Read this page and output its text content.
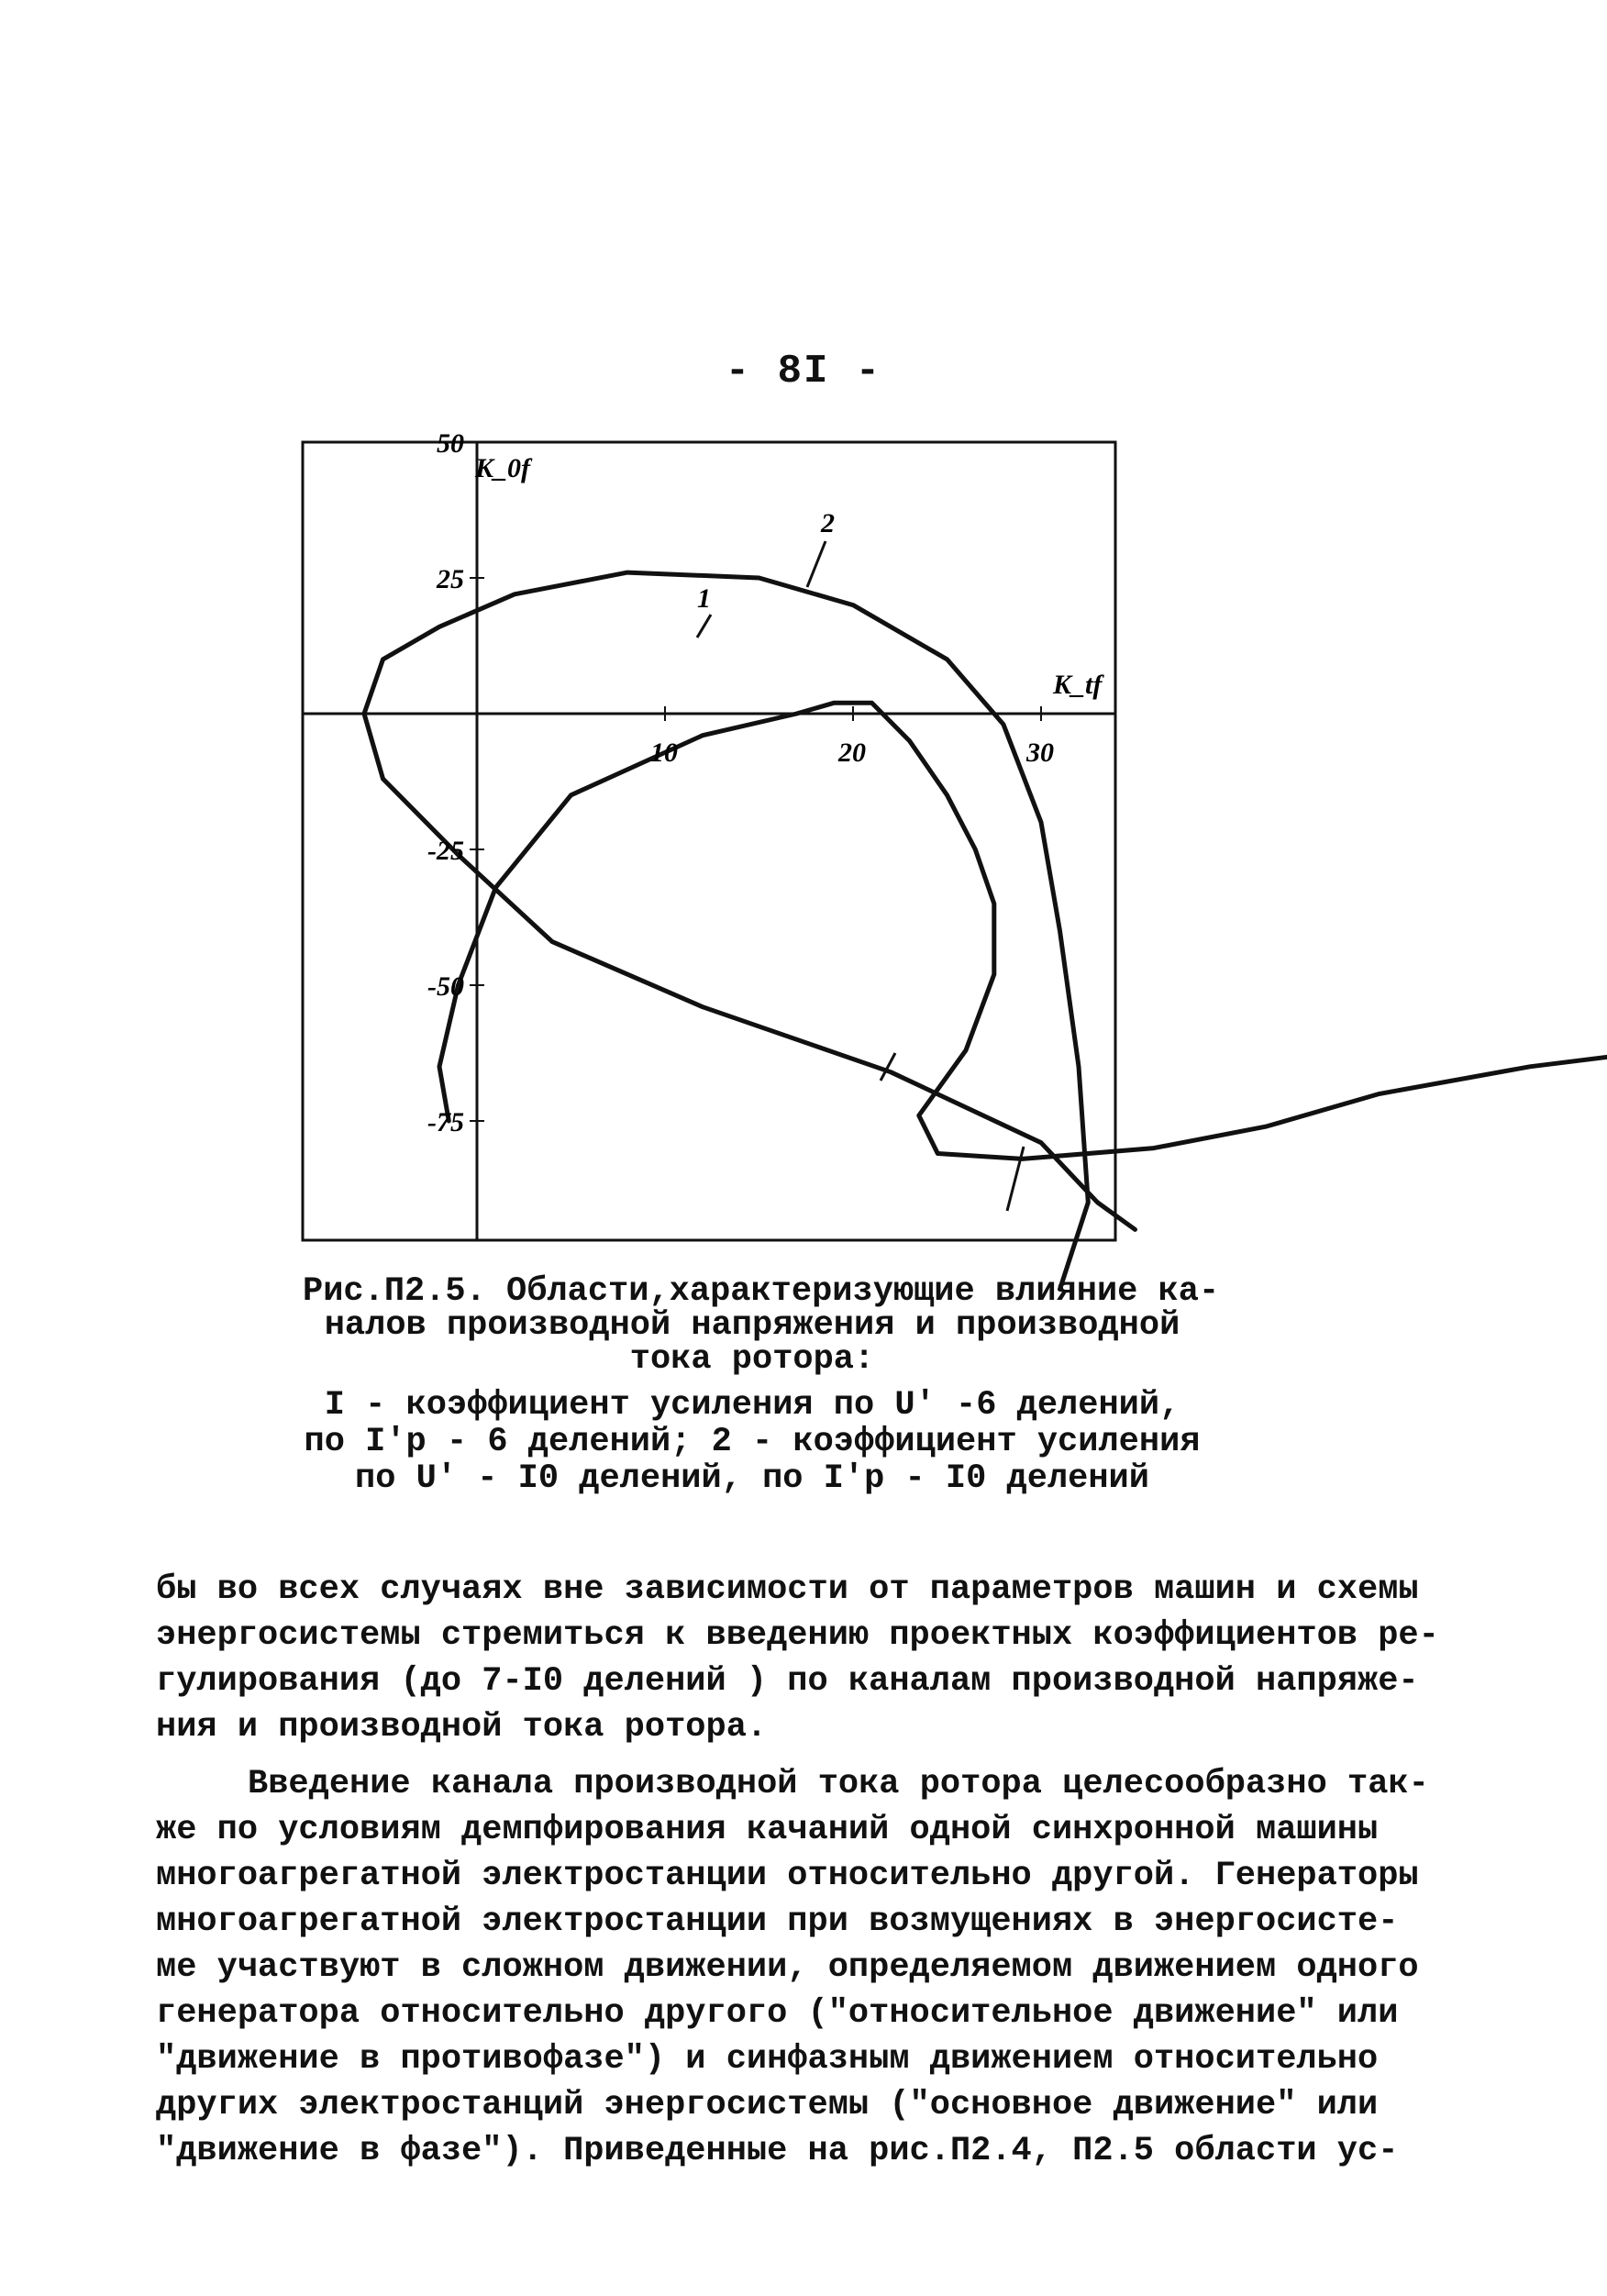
- 8I -
1
2
10	20	30
50
25
-25
-50
-75
K_tf
K_0f
Рис.П2.5. Области,характеризующие влияние ка-
налов производной напряжения и производной
тока ротора:
I - коэффициент усиления по U' -6 делений,
по I'р - 6 делений; 2 - коэффициент усиления
по U' - I0 делений, по I'р - I0 делений
бы во всех случаях вне зависимости от параметров машин и схемы
энергосистемы стремиться к введению проектных коэффициентов ре-
гулирования (до 7-I0 делений ) по каналам производной напряже-
ния и производной тока ротора.
Введение канала производной тока ротора целесообразно так-
же по условиям демпфирования качаний одной синхронной машины
многоагрегатной электростанции относительно другой. Генераторы
многоагрегатной электростанции при возмущениях в энергосисте-
ме участвуют в сложном движении, определяемом движением одного
генератора относительно другого ("относительное движение" или
"движение в противофазе") и синфазным движением относительно
других электростанций энергосистемы ("основное движение" или
"движение в фазе"). Приведенные на рис.П2.4, П2.5 области ус-
